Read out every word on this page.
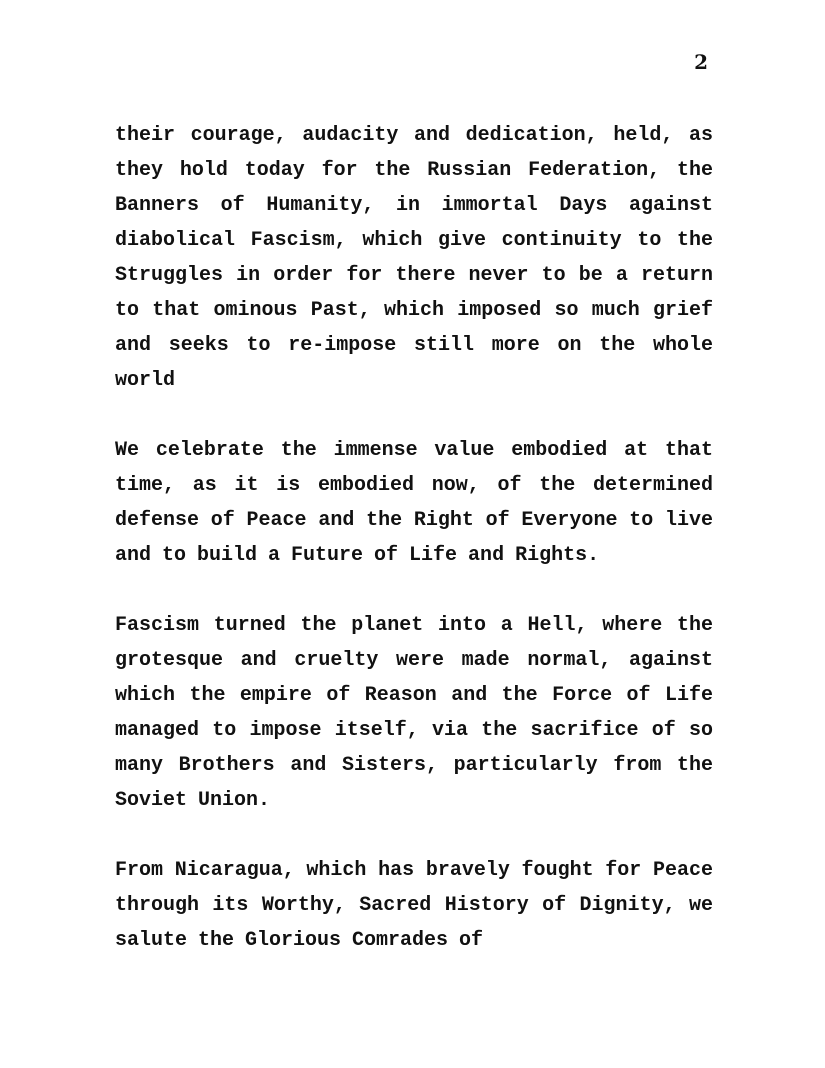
2

their courage, audacity and dedication, held, as they hold today for the Russian Federation, the Banners of Humanity, in immortal Days against diabolical Fascism, which give continuity to the Struggles in order for there never to be a return to that ominous Past, which imposed so much grief and seeks to re-impose still more on the whole world

We celebrate the immense value embodied at that time, as it is embodied now, of the determined defense of Peace and the Right of Everyone to live and to build a Future of Life and Rights.

Fascism turned the planet into a Hell, where the grotesque and cruelty were made normal, against which the empire of Reason and the Force of Life managed to impose itself, via the sacrifice of so many Brothers and Sisters, particularly from the Soviet Union.

From Nicaragua, which has bravely fought for Peace through its Worthy, Sacred History of Dignity, we salute the Glorious Comrades of
